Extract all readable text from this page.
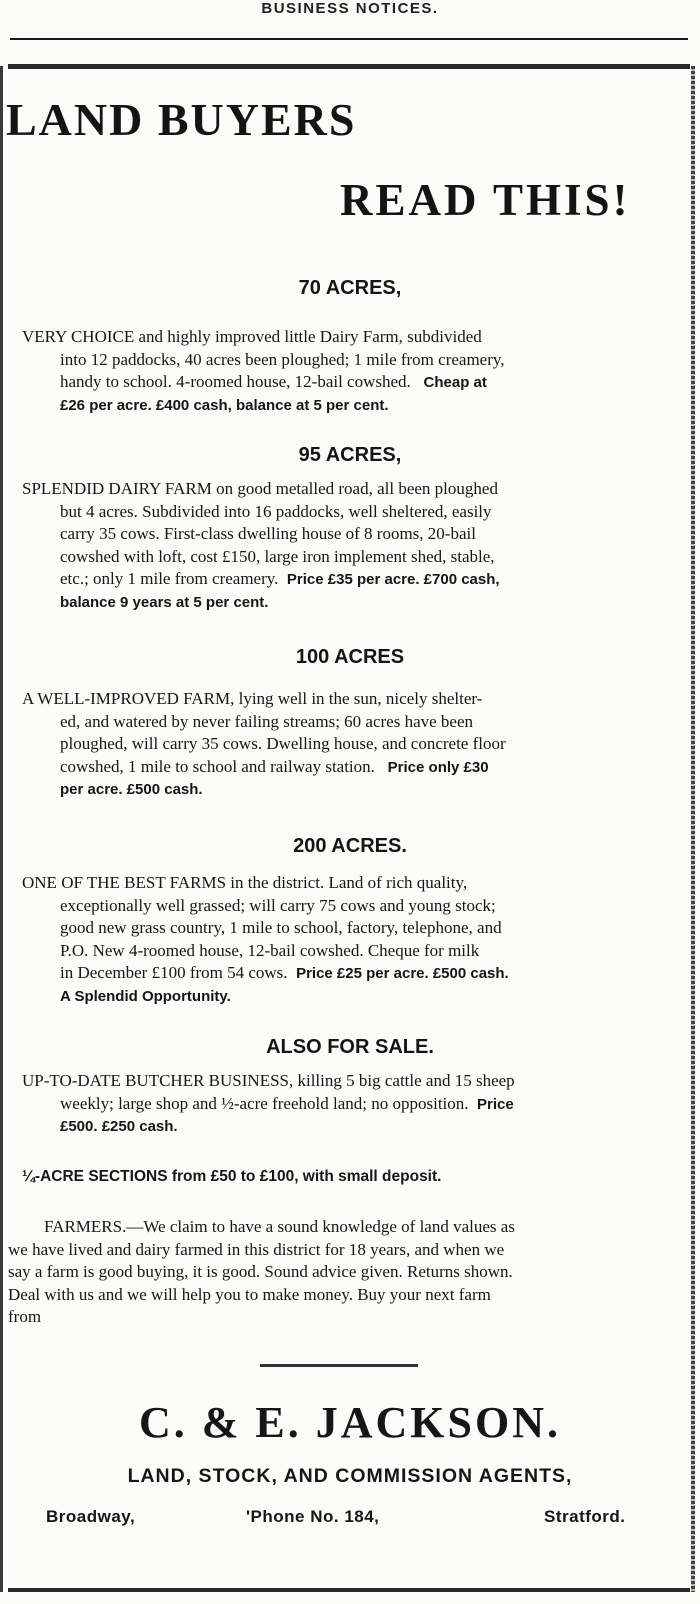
BUSINESS NOTICES.
LAND BUYERS
READ THIS!
70 ACRES,

VERY CHOICE and highly improved little Dairy Farm, subdivided
into 12 paddocks, 40 acres been ploughed; 1 mile from creamery,
handy to school. 4-roomed house, 12-bail cowshed. Cheap at
£26 per acre. £400 cash, balance at 5 per cent.

95 ACRES,

SPLENDID DAIRY FARM on good metalled road, all been ploughed
but 4 acres. Subdivided into 16 paddocks, well sheltered, easily
carry 35 cows. First-class dwelling house of 8 rooms, 20-bail
cowshed with loft, cost £150, large iron implement shed, stable,
etc.; only 1 mile from creamery. Price £35 per acre. £700 cash,
balance 9 years at 5 per cent.

100 ACRES

A WELL-IMPROVED FARM, lying well in the sun, nicely shelter-
ed, and watered by never failing streams; 60 acres have been
ploughed, will carry 35 cows. Dwelling house, and concrete floor
cowshed, 1 mile to school and railway station. Price only £30
per acre. £500 cash.

200 ACRES.

ONE OF THE BEST FARMS in the district. Land of rich quality,
exceptionally well grassed; will carry 75 cows and young stock;
good new grass country, 1 mile to school, factory, telephone, and
P.O. New 4-roomed house, 12-bail cowshed. Cheque for milk
in December £100 from 54 cows. Price £25 per acre. £500 cash.
A Splendid Opportunity.

ALSO FOR SALE.

UP-TO-DATE BUTCHER BUSINESS, killing 5 big cattle and 15 sheep
weekly; large shop and ½-acre freehold land; no opposition. Price
£500. £250 cash.

¼-ACRE SECTIONS from £50 to £100, with small deposit.

FARMERS.—We claim to have a sound knowledge of land values as
we have lived and dairy farmed in this district for 18 years, and when we
say a farm is good buying, it is good. Sound advice given. Returns shown.
Deal with us and we will help you to make money. Buy your next farm
from

C. & E. JACKSON.
LAND, STOCK, AND COMMISSION AGENTS,
Broadway,	'Phone No. 184,	Stratford.
